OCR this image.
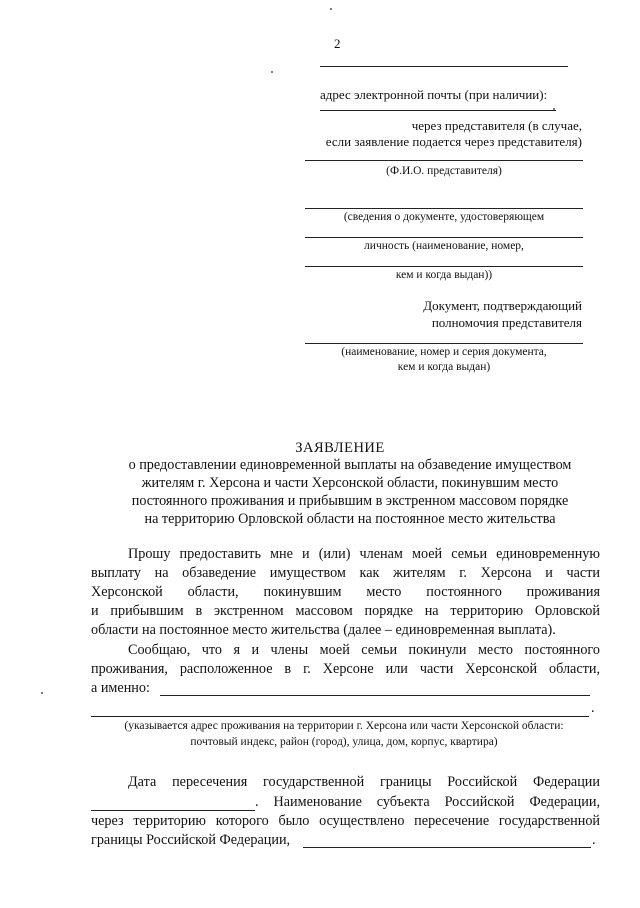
2
адрес электронной почты (при наличии):
через представителя (в случае,
если заявление подается через представителя)
(Ф.И.О. представителя)
(сведения о документе, удостоверяющем
личность (наименование, номер,
кем и когда выдан))
Документ, подтверждающий
полномочия представителя
(наименование, номер и серия документа,
кем и когда выдан)
ЗАЯВЛЕНИЕ
о предоставлении единовременной выплаты на обзаведение имуществом
жителям г. Херсона и части Херсонской области, покинувшим место
постоянного проживания и прибывшим в экстренном массовом порядке
на территорию Орловской области на постоянное место жительства
Прошу предоставить мне и (или) членам моей семьи единовременную
выплату на обзаведение имуществом как жителям г. Херсона и части
Херсонской области, покинувшим место постоянного проживания
и прибывшим в экстренном массовом порядке на территорию Орловской
области на постоянное место жительства (далее – единовременная выплата).
Сообщаю, что я и члены моей семьи покинули место постоянного
проживания, расположенное в г. Херсоне или части Херсонской области,
а именно:
.
(указывается адрес проживания на территории г. Херсона или части Херсонской области:
почтовый индекс, район (город), улица, дом, корпус, квартира)
Дата пересечения государственной границы Российской Федерации
. Наименование субъекта Российской Федерации,
через территорию которого было осуществлено пересечение государственной
границы Российской Федерации,	.
